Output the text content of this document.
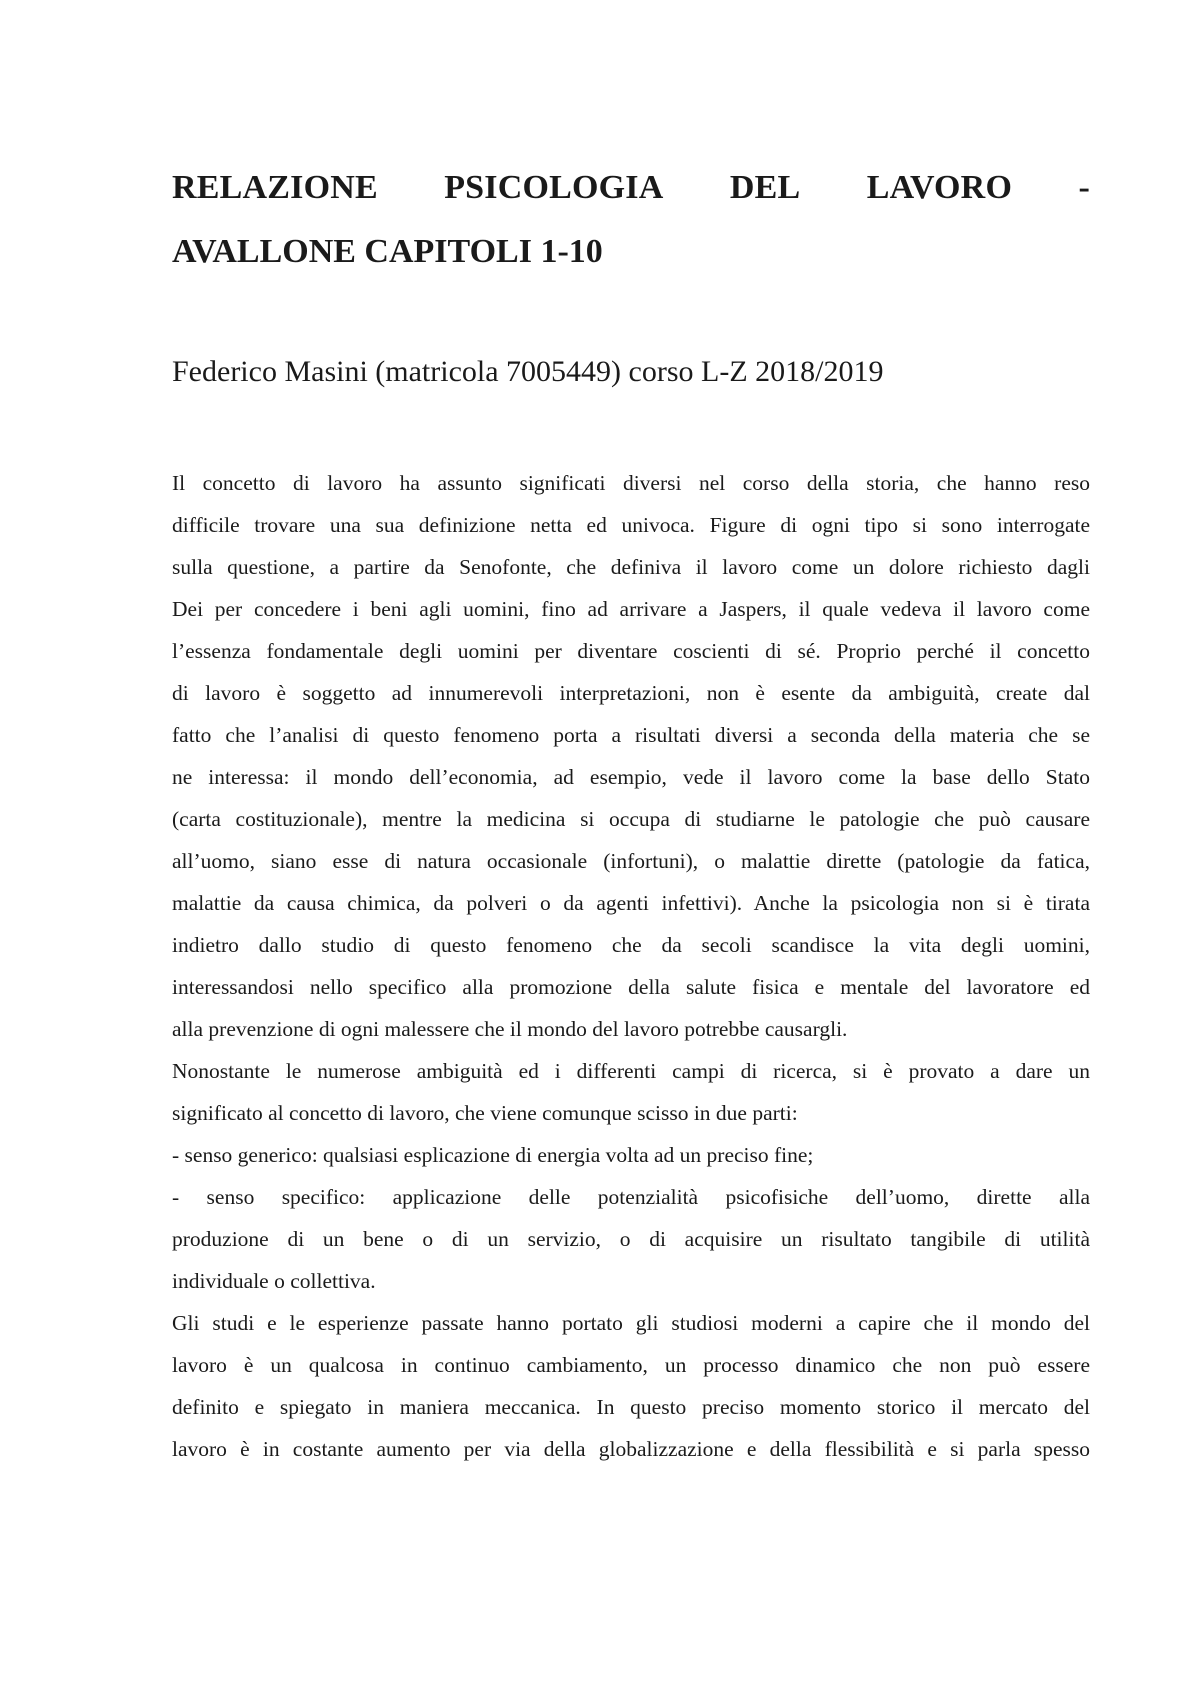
RELAZIONE PSICOLOGIA DEL LAVORO -
AVALLONE CAPITOLI 1-10
Federico Masini (matricola 7005449) corso L-Z 2018/2019
Il concetto di lavoro ha assunto significati diversi nel corso della storia, che hanno reso
difficile trovare una sua definizione netta ed univoca. Figure di ogni tipo si sono interrogate
sulla questione, a partire da Senofonte, che definiva il lavoro come un dolore richiesto dagli
Dei per concedere i beni agli uomini, fino ad arrivare a Jaspers, il quale vedeva il lavoro come
l’essenza fondamentale degli uomini per diventare coscienti di sé. Proprio perché il concetto
di lavoro è soggetto ad innumerevoli interpretazioni, non è esente da ambiguità, create dal
fatto che l’analisi di questo fenomeno porta a risultati diversi a seconda della materia che se
ne interessa: il mondo dell’economia, ad esempio, vede il lavoro come la base dello Stato
(carta costituzionale), mentre la medicina si occupa di studiarne le patologie che può causare
all’uomo, siano esse di natura occasionale (infortuni), o malattie dirette (patologie da fatica,
malattie da causa chimica, da polveri o da agenti infettivi). Anche la psicologia non si è tirata
indietro dallo studio di questo fenomeno che da secoli scandisce la vita degli uomini,
interessandosi nello specifico alla promozione della salute fisica e mentale del lavoratore ed
alla prevenzione di ogni malessere che il mondo del lavoro potrebbe causargli.
Nonostante le numerose ambiguità ed i differenti campi di ricerca, si è provato a dare un
significato al concetto di lavoro, che viene comunque scisso in due parti:
- senso generico: qualsiasi esplicazione di energia volta ad un preciso fine;
- senso specifico: applicazione delle potenzialità psicofisiche dell’uomo, dirette alla
produzione di un bene o di un servizio, o di acquisire un risultato tangibile di utilità
individuale o collettiva.
Gli studi e le esperienze passate hanno portato gli studiosi moderni a capire che il mondo del
lavoro è un qualcosa in continuo cambiamento, un processo dinamico che non può essere
definito e spiegato in maniera meccanica. In questo preciso momento storico il mercato del
lavoro è in costante aumento per via della globalizzazione e della flessibilità e si parla spesso
